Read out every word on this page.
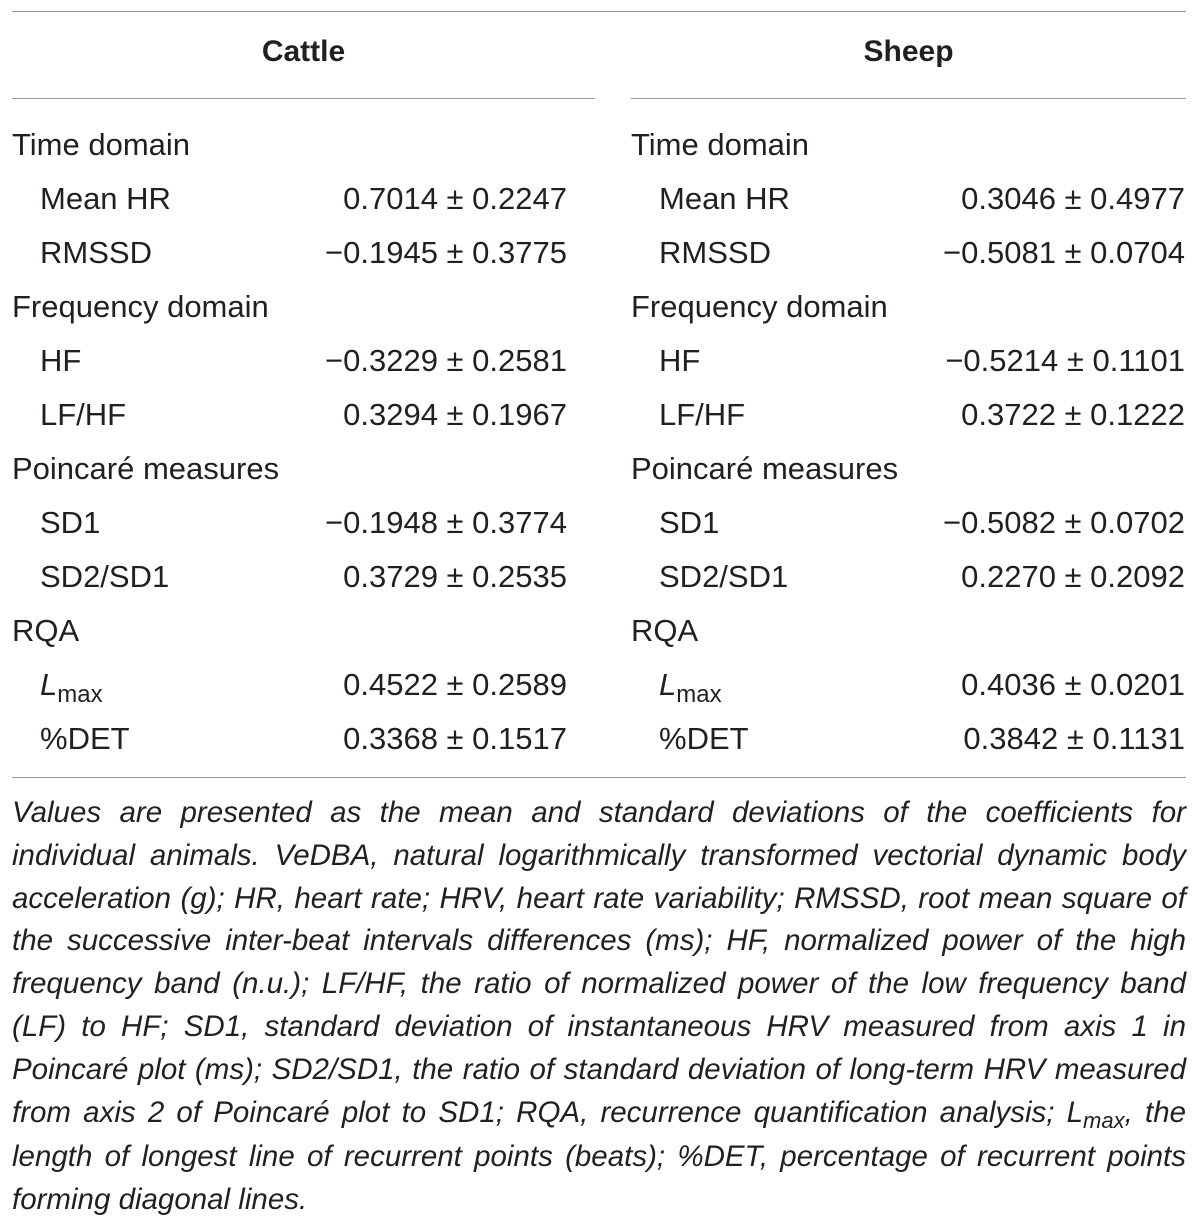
Cattle
Time domain
Mean HR	0.7014 ± 0.2247
RMSSD	−0.1945 ± 0.3775
Frequency domain
HF	−0.3229 ± 0.2581
LF/HF	0.3294 ± 0.1967
Poincaré measures
SD1	−0.1948 ± 0.3774
SD2/SD1	0.3729 ± 0.2535
RQA
$L_{max}$	0.4522 ± 0.2589
%DET	0.3368 ± 0.1517
Sheep
Time domain
Mean HR	0.3046 ± 0.4977
RMSSD	−0.5081 ± 0.0704
Frequency domain
HF	−0.5214 ± 0.1101
LF/HF	0.3722 ± 0.1222
Poincaré measures
SD1	−0.5082 ± 0.0702
SD2/SD1	0.2270 ± 0.2092
RQA
$L_{max}$	0.4036 ± 0.0201
%DET	0.3842 ± 0.1131

Values are presented as the mean and standard deviations of the coefficients for individual animals. VeDBA, natural logarithmically transformed vectorial dynamic body acceleration (g); HR, heart rate; HRV, heart rate variability; RMSSD, root mean square of the successive inter-beat intervals differences (ms); HF, normalized power of the high frequency band (n.u.); LF/HF, the ratio of normalized power of the low frequency band (LF) to HF; SD1, standard deviation of instantaneous HRV measured from axis 1 in Poincaré plot (ms); SD2/SD1, the ratio of standard deviation of long-term HRV measured from axis 2 of Poincaré plot to SD1; RQA, recurrence quantification analysis; $L_{max}$, the length of longest line of recurrent points (beats); %DET, percentage of recurrent points forming diagonal lines.
